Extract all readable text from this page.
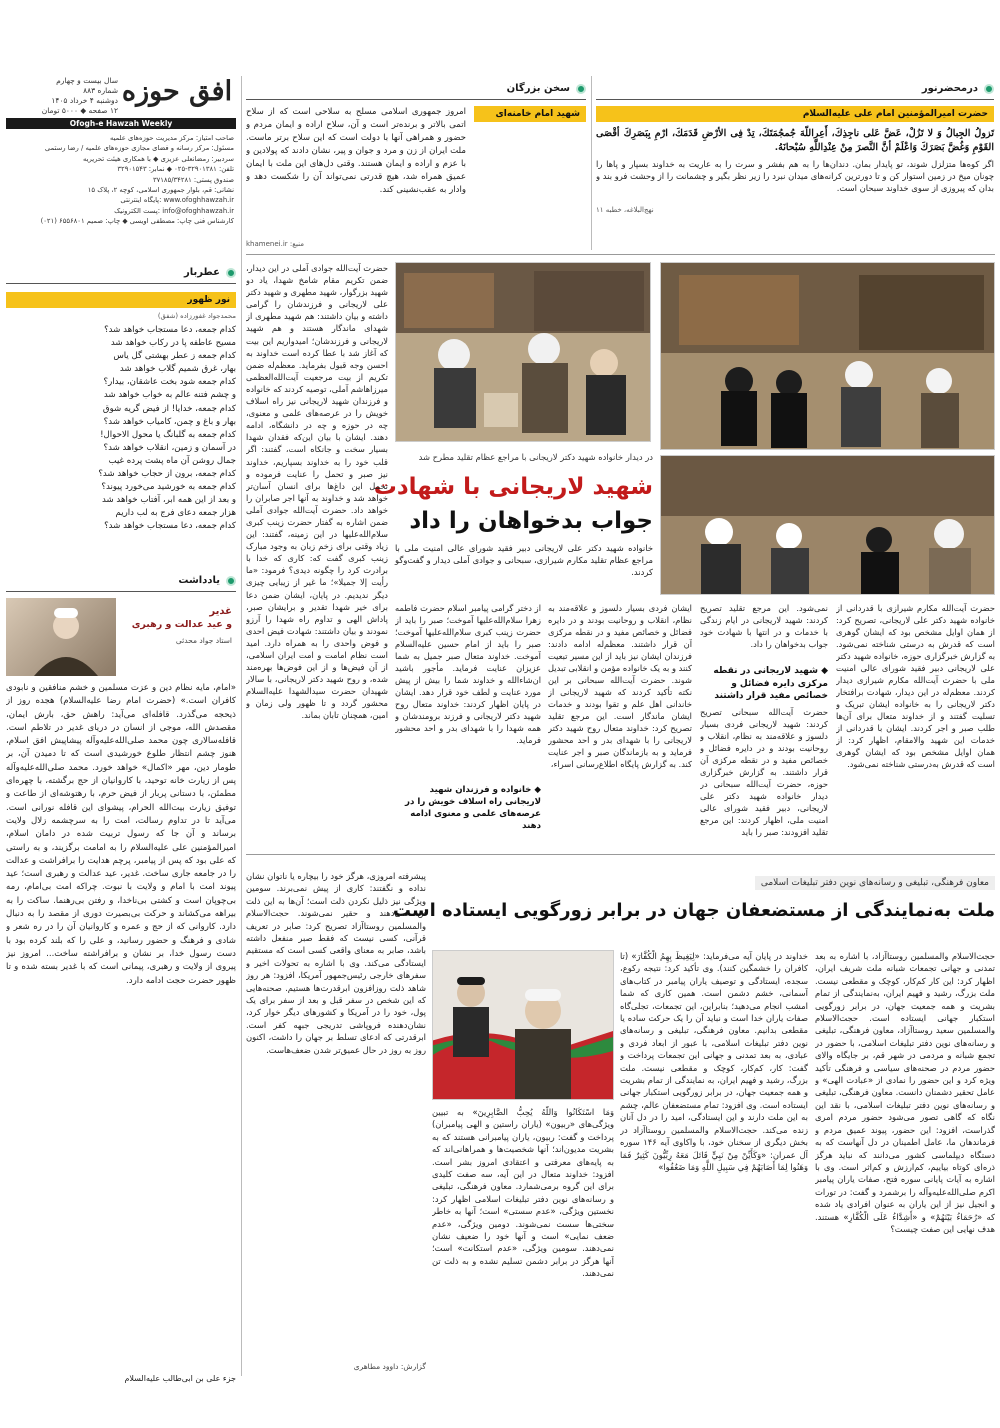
سال بیست و چهارم
شماره ۸۸۳
دوشنبه ۴ خرداد ۱۴۰۵
۱۲ صفحه ◆ ۵۰۰۰ تومان
افق حوزه
Ofogh-e Hawzah Weekly
صاحب امتیاز: مرکز مدیریت حوزه‌های علمیه
مسئول: مرکز رسانه و فضای مجازی حوزه‌های علمیه / رضا رستمی
سردبیر: رمضانعلی عزیزی ◆ با همکاری هیئت تحریریه
تلفن: ۳۲۹۰۱۳۸۱-۰۲۵ ◆ نمابر: ۳۲۹۰۱۵۴۳
صندوق پستی: ۳۷۱۸۵/۳۴۲۸۱
نشانی: قم، بلوار جمهوری اسلامی، کوچه ۲، پلاک ۱۵
پایگاه اینترنتی: www.ofoghhawzah.ir
پست الکترونیک: info@ofoghhawzah.ir
کارشناس فنی چاپ: مصطفی اویسی ◆ چاپ: صمیم ۶۵۵۶۸۰۱ (۰۲۱)
سخن بزرگان
شهید امام خامنه‌ای
امروز جمهوری اسلامی مسلح به سلاحی است که از سلاح اتمی بالاتر و برنده‌تر است و آن، سلاح اراده و ایمان مردم و حضور و همراهی آنها با دولت است که این سلاح برتر ماست. ملت ایران از زن و مرد و جوان و پیر، نشان دادند که پولادین و با عزم و اراده و ایمان هستند. وقتی دل‌های این ملت با ایمان عمیق همراه شد، هیچ قدرتی نمی‌تواند آن را شکست دهد و وادار به عقب‌نشینی کند.
منبع: khamenei.ir
درمحضرنور
حضرت امیرالمؤمنین امام علی علیه‌السلام
تَزولُ الجِبالُ وَ لا تَزُلْ، عَضَّ عَلى ناجِذِكَ، أَعِرِاللّهَ جُمجُمَتَكَ، تِدْ فِى الأرْضِ قَدَمَكَ، ارْمِ بِبَصَرِكَ أقْصَى القَوْمِ وَغُضَّ بَصَرَكَ وَاعْلَمْ أنَّ النَّصرَ مِنْ عِنْدِاللّهِ سُبْحانَهُ.
اگر کوه‌ها متزلزل شوند، تو پایدار بمان. دندان‌ها را به هم بفشر و سرت را به عاریت به خداوند بسپار و پاها را چونان میخ در زمین استوار کن و تا دورترین کرانه‌های میدان نبرد را زیر نظر بگیر و چشمانت را از وحشت فرو بند و بدان که پیروزی از سوی خداوند سبحان است.
نهج‌البلاغه، خطبه ۱۱
عطربار
نور ظهور
محمدجواد غفورزاده (شفق)
کدام جمعه، دعا مستجاب خواهد شد؟
مسیح عاطفه پا در رکاب خواهد شد
کدام جمعه ز عطر بهشتی گل یاس
بهار، غرق شمیم گلاب خواهد شد
کدام جمعه شود بخت عاشقان، بیدار؟
و چشم فتنه عالم به خواب خواهد شد
کدام جمعه، خدایا! از فیض گریه شوق
بهار و باغ و چمن، کامیاب خواهد شد؟
کدام جمعه به گلبانگ یا محول الاحوال!
در آسمان و زمین، انقلاب خواهد شد؟
جمال روشن آن ماه پشت پرده غیب
کدام جمعه، برون از حجاب خواهد شد؟
کدام جمعه به خورشید می‌خورد پیوند؟
و بعد از این همه ابر، آفتاب خواهد شد
هزار جمعه دعای فرج به لب داریم
کدام جمعه، دعا مستجاب خواهد شد؟
یادداشت
غدیر
و عید عدالت و رهبری
استاد جواد محدثی
«امام، مایه نظام دین و عزت مسلمین و خشم منافقین و نابودی کافران است.» (حضرت امام رضا علیه‌السلام) هجده روز از ذیحجه می‌گذرد. قافله‌ای می‌آید: راهش حق، بارش ایمان، مقصدش الله، موجی از انسان در دریای غدیر در تلاطم است. قافله‌سالاری چون محمد صلی‌الله‌علیه‌وآله پیشاپیش افق اسلام، هنوز چشم انتظار طلوع خورشیدی است که تا دمیدن آن، بر طومار دین، مهر «اکمال» خواهد خورد. محمد صلی‌الله‌علیه‌وآله پس از زیارت خانه توحید، با کاروانیان از حج برگشته، با چهره‌ای مطمئن، با دستانی پربار از فیض حرم، با رهتوشه‌ای از طاعت و توفیق زیارت بیت‌الله الحرام، پیشوای این قافله نورانی است. می‌آید تا در تداوم رسالت، امت را به سرچشمه زلال ولایت برساند و آن جا که رسول تربیت شده در دامان اسلام، امیرالمؤمنین علی علیه‌السلام را به امامت برگزیند، و به راستی که علی بود که پس از پیامبر، پرچم هدایت را برافراشت و عدالت را در جامعه جاری ساخت. غدیر، عید عدالت و رهبری است؛ عید پیوند امت با امام و ولایت با نبوت. چراکه امت بی‌امام، رمه بی‌چوپان است و کشتی بی‌ناخدا، و رفتن بی‌رهنما. ساکت را به بیراهه می‌کشاند و حرکت بی‌بصیرت دوری از مقصد را به دنبال دارد. کاروانی که از حج و عمره و کاروانیان آن را در ره شعر و شادی و فرهنگ و حضور رسانید، و علی را که بلند کرده بود با دست رسول خدا، بر نشان و برافراشته ساخت... امروز نیز پیروی از ولایت و رهبری، پیمانی است که با غدیر بسته شده و تا ظهور حضرت حجت ادامه دارد.
جزء علی بن ابی‌طالب علیه‌السلام
در دیدار خانواده شهید دکتر لاریجانی با مراجع عظام تقلید مطرح شد
شهید لاریجانی با شهادت
جواب بدخواهان را داد
خانواده شهید دکتر علی لاریجانی دبیر فقید شورای عالی امنیت ملی با مراجع عظام تقلید مکارم شیرازی، سبحانی و جوادی آملی دیدار و گفت‌وگو کردند.
حضرت آیت‌الله جوادی آملی در این دیدار، ضمن تکریم مقام شامخ شهدا، یاد دو شهید بزرگوار، شهید مطهری و شهید دکتر علی لاریجانی و فرزندشان را گرامی داشته و بیان داشتند: هم شهید مطهری از شهدای ماندگار هستند و هم شهید لاریجانی و فرزندشان؛ امیدواریم این بیت که آغاز شد با عطا کرده است خداوند به احسن وجه قبول بفرماید. معظم‌له ضمن تکریم از بیت مرجعیت آیت‌الله‌العظمی میرزاهاشم آملی، توصیه کردند که خانواده و فرزندان شهید لاریجانی نیز راه اسلاف خویش را در عرصه‌های علمی و معنوی، چه در حوزه و چه در دانشگاه، ادامه دهند. ایشان با بیان این‌که فقدان شهدا بسیار سخت و جانکاه است، گفتند: اگر قلب خود را به خداوند بسپاریم، خداوند نیز صبر و تحمل را عنایت فرموده و تحمل این داغ‌ها برای انسان آسان‌تر خواهد شد و خداوند به آنها اجر صابران را خواهد داد. حضرت آیت‌الله جوادی آملی ضمن اشاره به گفتار حضرت زینب کبری سلام‌الله‌علیها در این زمینه، گفتند: این زیاد وقتی برای زخم زبان به وجود مبارک زینب کبری گفت که: کاری که خدا با برادرت کرد را چگونه دیدی؟ فرمود: «ما رأيت إلا جميلا»؛ ما غیر از زیبایی چیزی دیگر ندیدیم. در پایان، ایشان ضمن دعا برای خیر شهدا تقدیر و برایشان صبر، پاداش الهی و تداوم راه شهدا را آرزو نمودند و بیان داشتند: شهادت فیض احدی و فوض واحدی را به همراه دارد. امید است نظام امامت و امت ایران اسلامی، از آن فیض‌ها و از این فوض‌ها بهره‌مند شده، و روح شهید دکتر لاریجانی، با سالار شهیدان حضرت سیدالشهدا علیه‌السلام محشور گردد و تا ظهور ولی زمان و امین، همچنان تابان بماند.
حضرت آیت‌الله مکارم شیرازی با قدردانی از خانواده شهید دکتر علی لاریجانی، تصریح کرد: از همان اوایل مشخص بود که ایشان گوهری است که قدرش به درستی شناخته نمی‌شود. به گزارش خبرگزاری حوزه، خانواده شهید دکتر علی لاریجانی دبیر فقید شورای عالی امنیت ملی با حضرت آیت‌الله مکارم شیرازی دیدار کردند. معظم‌له در این دیدار، شهادت برافتخار دکتر لاریجانی را به خانواده ایشان تبریک و تسلیت گفتند و از خداوند متعال برای آن‌ها طلب صبر و اجر کردند. ایشان با قدردانی از خدمات این شهید والامقام، اظهار کرد: از همان اوایل مشخص بود که ایشان گوهری است که قدرش به‌درستی شناخته نمی‌شود.
نمی‌شود. این مرجع تقلید تصریح کردند: شهید لاریجانی در ایام زندگی با خدمات و در انتها با شهادت خود جواب بدخواهان را داد.
◆ شهید لاریجانی در نقطه مرکزی دایره فضائل و خصائص مفید قرار داشتند
حضرت آیت‌الله سبحانی تصریح کردند: شهید لاریجانی فردی بسیار دلسوز و علاقه‌مند به نظام، انقلاب و روحانیت بودند و در دایره فضائل و خصائص مفید و در نقطه مرکزی آن قرار داشتند. به گزارش خبرگزاری حوزه، حضرت آیت‌الله سبحانی در دیدار خانواده شهید دکتر علی لاریجانی، دبیر فقید شورای عالی امنیت ملی، اظهار کردند: این مرجع تقلید افزودند: صبر را باید
ایشان فردی بسیار دلسوز و علاقه‌مند به نظام، انقلاب و روحانیت بودند و در دایره فضائل و خصائص مفید و در نقطه مرکزی آن قرار داشتند. معظم‌له ادامه دادند: فرزندان ایشان نیز باید از این مسیر تبعیت کنند و به یک خانواده مؤمن و انقلابی تبدیل شوند. حضرت آیت‌الله سبحانی بر این نکته تأکید کردند که شهید لاریجانی از خاندانی اهل علم و تقوا بودند و خدمات ایشان ماندگار است. این مرجع تقلید تصریح کرد: خداوند متعال روح شهید دکتر لاریجانی را با شهدای بدر و احد محشور فرماید و به بازماندگان صبر و اجر عنایت کند. به گزارش پایگاه اطلاع‌رسانی اسراء،
از دختر گرامی پیامبر اسلام حضرت فاطمه زهرا سلام‌الله‌علیها آموخت؛ صبر را باید از حضرت زینب کبری سلام‌الله‌علیها آموخت؛ صبر را باید از امام حسین علیه‌السلام آموخت. خداوند متعال صبر جمیل به شما عزیزان عنایت فرماید. مأجور باشید ان‌شاءالله و خداوند شما را بیش از پیش مورد عنایت و لطف خود قرار دهد. ایشان در پایان اظهار کردند: خداوند متعال روح شهید دکتر لاریجانی و فرزند برومندشان و همه شهدا را با شهدای بدر و احد محشور فرماید.
◆ خانواده و فرزندان شهید لاریجانی راه اسلاف خویش را در عرصه‌های علمی و معنوی ادامه دهند
معاون فرهنگی، تبلیغی و رسانه‌های نوین دفتر تبلیغات اسلامی
ملت به‌نمایندگی از مستضعفان جهان در برابر زورگویی ایستاده است
حجت‌الاسلام والمسلمین روستاآزاد، با اشاره به بعد تمدنی و جهانی تجمعات شبانه ملت شریف ایران، اظهار کرد: این کار کم‌کار، کوچک و مقطعی نیست. ملت بزرگ، رشید و فهیم ایران، به‌نمایندگی از تمام بشریت و همه جمعیت جهان، در برابر زورگویی استکبار جهانی ایستاده است. حجت‌الاسلام والمسلمین سعید روستاآزاد، معاون فرهنگی، تبلیغی و رسانه‌های نوین دفتر تبلیغات اسلامی، با حضور در تجمع شبانه و مردمی در شهر قم، بر جایگاه والای حضور مردم در صحنه‌های سیاسی و فرهنگی تأکید ویژه کرد و این حضور را نمادی از «عبادت الهی» و عامل تحقیر دشمنان دانست. معاون فرهنگی، تبلیغی و رسانه‌های نوین دفتر تبلیغات اسلامی، با نقد این نگاه که گاهی تصور می‌شود حضور مردم امری گذراست، افزود: این حضور، پیوند عمیق مردم و فرماندهان ما، عامل اطمینان در دل آنهاست که به دستگاه دیپلماسی کشور می‌دانند که نباید هرگز ذره‌ای کوتاه بیاییم، کم‌ارزش و کم‌اثر است. وی با اشاره به آیات پایانی سوره فتح، صفات یاران پیامبر اکرم صلی‌الله‌علیه‌وآله را برشمرد و گفت: در تورات و انجیل نیز از این یاران به عنوان افرادی یاد شده که «رُحَمَاءُ بَيْنَهُمْ» و «أَشِدَّاءُ عَلَى الْكُفَّارِ» هستند. هدف نهایی این صفت چیست؟
خداوند در پایان آیه می‌فرماید: «لِيَغِيظَ بِهِمُ الْكُفَّارَ» (تا کافران را خشمگین کنند). وی تأکید کرد: نتیجه رکوع، سجده، ایستادگی و توصیف یاران پیامبر در کتاب‌های آسمانی، خشم دشمن است. همین کاری که شما امشب انجام می‌دهید؛ بنابراین، این تجمعات، تجلی‌گاه صفات یاران خدا است و نباید آن را یک حرکت ساده یا مقطعی بدانیم. معاون فرهنگی، تبلیغی و رسانه‌های نوین دفتر تبلیغات اسلامی، با عبور از ابعاد فردی و عبادی، به بعد تمدنی و جهانی این تجمعات پرداخت و گفت: کار، کم‌کار، کوچک و مقطعی نیست. ملت بزرگ، رشید و فهیم ایران، به نمایندگی از تمام بشریت و همه جمعیت جهان، در برابر زورگویی استکبار جهانی ایستاده است. وی افزود: تمام مستضعفان عالم، چشم به این ملت دارند و این ایستادگی، امید را در دل آنان زنده می‌کند. حجت‌الاسلام والمسلمین روستاآزاد در بخش دیگری از سخنان خود، با واکاوی آیه ۱۴۶ سوره آل عمران: «وَكَأَيِّنْ مِنْ نَبِيٍّ قَاتَلَ مَعَهُ رِبِّيُّونَ كَثِيرٌ فَمَا وَهَنُوا لِمَا أَصَابَهُمْ فِي سَبِيلِ اللَّهِ وَمَا ضَعُفُوا»
وَمَا اسْتَكَانُوا وَاللَّهُ يُحِبُّ الصَّابِرِينَ» به تبیین ویژگی‌های «ربیون» (یاران راستین و الهی پیامبران) پرداخت و گفت: ربیون، یاران پیامبرانی هستند که به بشریت مدیون‌اند؛ آنها شخصیت‌ها و همراهانی‌اند که به پایه‌های معرفتی و اعتقادی امروز بشر است. افزود: خداوند متعال در این آیه، سه صفت کلیدی برای این گروه برمی‌شمارد. معاون فرهنگی، تبلیغی و رسانه‌های نوین دفتر تبلیغات اسلامی اظهار کرد: نخستین ویژگی، «عدم سستی» است؛ آنها به خاطر سختی‌ها سست نمی‌شوند. دومین ویژگی، «عدم ضعف نمایی» است و آنها خود را ضعیف نشان نمی‌دهند. سومین ویژگی، «عدم استکانت» است؛ آنها هرگز در برابر دشمن تسلیم نشده و به ذلت تن نمی‌دهند.
پیشرفته امروزی، هرگز خود را بیچاره یا ناتوان نشان نداده و نگفتند: کاری از پیش نمی‌برند. سومین ویژگی نیز ذلیل نکردن ذلت است؛ آن‌ها به این ذلت تن نمی‌دهند و حقیر نمی‌شوند. حجت‌الاسلام والمسلمین روستاآزاد تصریح کرد: صابر در تعریف قرآنی، کسی نیست که فقط صبر منفعل داشته باشد، صابر به معنای واقعی کسی است که مستقیم ایستادگی می‌کند. وی با اشاره به تحولات اخیر و سفرهای خارجی رئیس‌جمهور آمریکا، افزود: هر روز شاهد ذلت روزافزون ابرقدرت‌ها هستیم. صحنه‌هایی که این شخص در سفر قبل و بعد از سفر برای یک پول، خود را در آمریکا و کشورهای دیگر خوار کرد، نشان‌دهنده فروپاشی تدریجی جبهه کفر است. ابرقدرتی که ادعای تسلط بر جهان را داشت، اکنون روز به روز در حال عمیق‌تر شدن ضعف‌هاست.
گزارش: داوود مطاهری
